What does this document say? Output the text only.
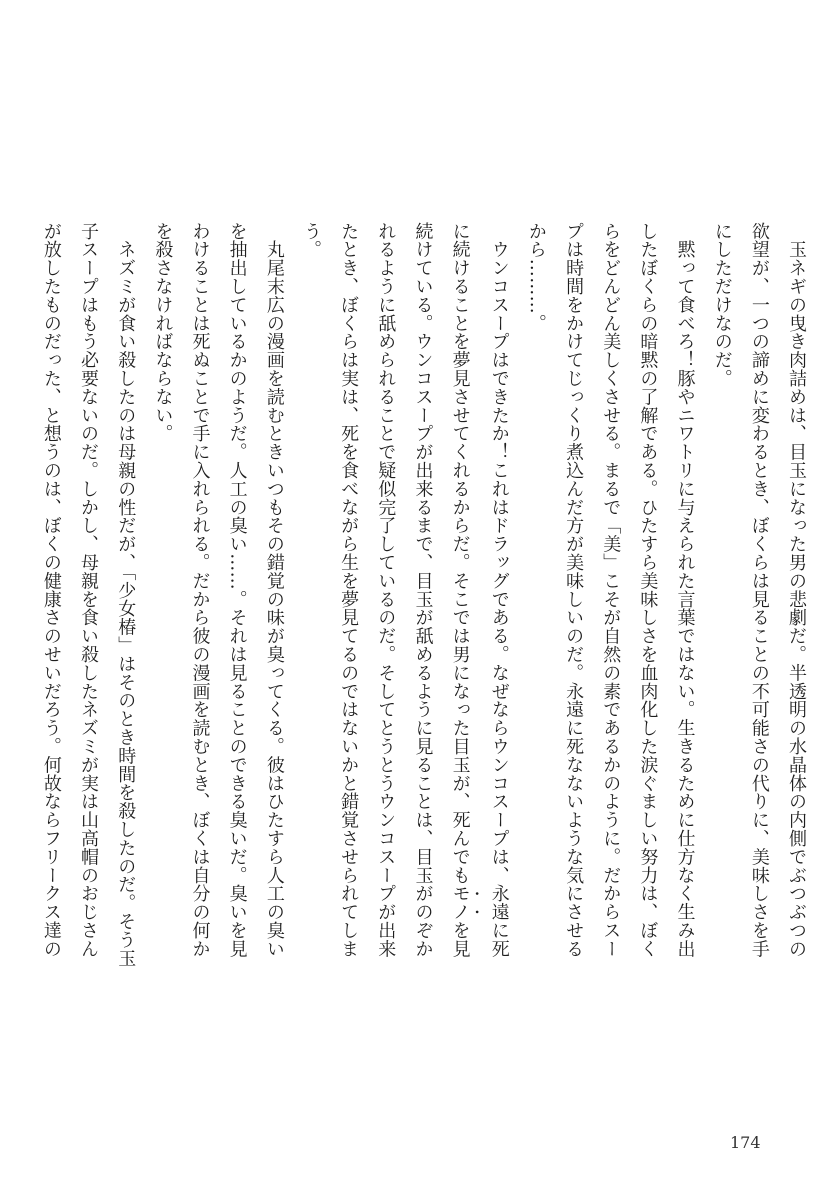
　玉ネギの曳き肉詰めは、目玉になった男の悲劇だ。半透明の水晶体の内側でぶつぶつの
欲望が、一つの諦めに変わるとき、ぼくらは見ることの不可能さの代りに、美味しさを手
にしただけなのだ。
　黙って食べろ！豚やニワトリに与えられた言葉ではない。生きるために仕方なく生み出
したぼくらの暗黙の了解である。ひたすら美味しさを血肉化した涙ぐましい努力は、ぼく
らをどんどん美しくさせる。まるで「美」こそが自然の素であるかのように。だからスー
プは時間をかけてじっくり煮込んだ方が美味しいのだ。永遠に死なないような気にさせる
から………。
　ウンコスープはできたか！これはドラッグである。なぜならウンコスープは、永遠に死
に続けることを夢見させてくれるからだ。そこでは男になった目玉が、死んでもモノを見
続けている。ウンコスープが出来るまで、目玉が舐めるように見ることは、目玉がのぞか
れるように舐められることで疑似完了しているのだ。そしてとうとうウンコスープが出来
たとき、ぼくらは実は、死を食べながら生を夢見てるのではないかと錯覚させられてしま
う。
　丸尾末広の漫画を読むときいつもその錯覚の味が臭ってくる。彼はひたすら人工の臭い
を抽出しているかのようだ。人工の臭い……。それは見ることのできる臭いだ。臭いを見
わけることは死ぬことで手に入れられる。だから彼の漫画を読むとき、ぼくは自分の何か
を殺さなければならない。
　ネズミが食い殺したのは母親の性だが、「少女椿」はそのとき時間を殺したのだ。そう玉
子スープはもう必要ないのだ。しかし、母親を食い殺したネズミが実は山高帽のおじさん
が放したものだった、と想うのは、ぼくの健康さのせいだろう。何故ならフリークス達の
174
